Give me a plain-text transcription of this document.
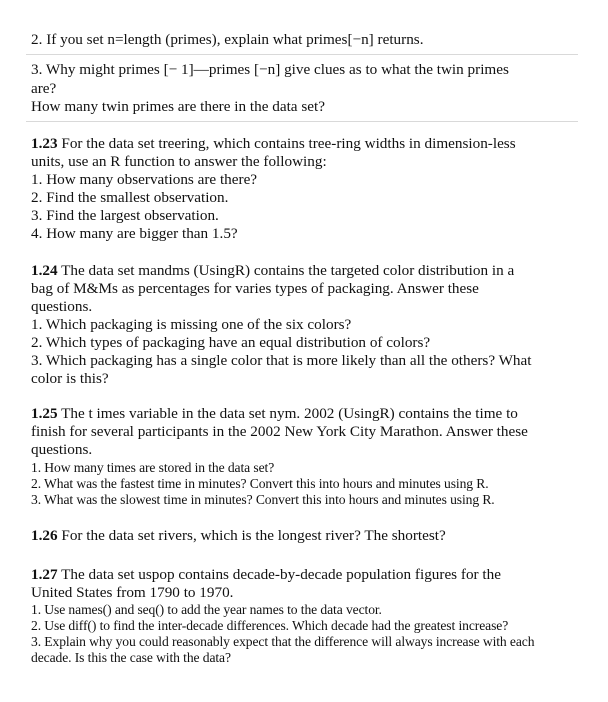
2. If you set n=length (primes), explain what primes[−n] returns.
3. Why might primes [− 1]—primes [−n] give clues as to what the twin primes
are?
How many twin primes are there in the data set?
1.23 For the data set treering, which contains tree-ring widths in dimension-less
units, use an R function to answer the following:
1. How many observations are there?
2. Find the smallest observation.
3. Find the largest observation.
4. How many are bigger than 1.5?
1.24 The data set mandms (UsingR) contains the targeted color distribution in a
bag of M&Ms as percentages for varies types of packaging. Answer these
questions.
1. Which packaging is missing one of the six colors?
2. Which types of packaging have an equal distribution of colors?
3. Which packaging has a single color that is more likely than all the others? What
color is this?
1.25 The t imes variable in the data set nym. 2002 (UsingR) contains the time to
finish for several participants in the 2002 New York City Marathon. Answer these
questions.
1. How many times are stored in the data set?
2. What was the fastest time in minutes? Convert this into hours and minutes using R.
3. What was the slowest time in minutes? Convert this into hours and minutes using R.
1.26 For the data set rivers, which is the longest river? The shortest?
1.27 The data set uspop contains decade-by-decade population figures for the
United States from 1790 to 1970.
1. Use names() and seq() to add the year names to the data vector.
2. Use diff() to find the inter-decade differences. Which decade had the greatest increase?
3. Explain why you could reasonably expect that the difference will always increase with each
decade. Is this the case with the data?
